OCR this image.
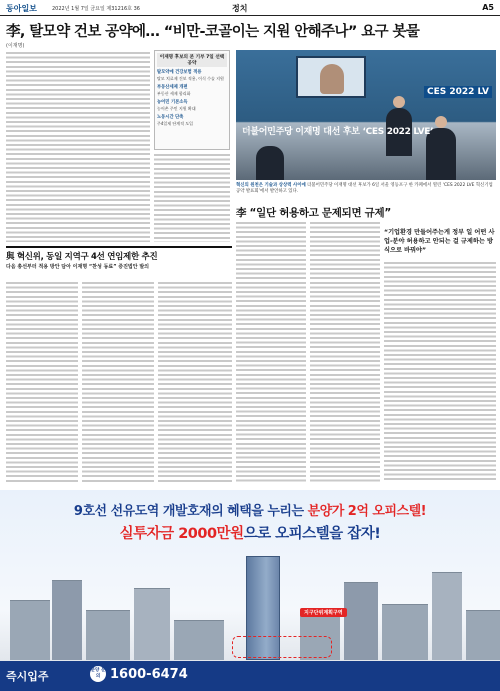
동아일보	2022년 1월 7일 금요일 제31216호 36	정치	A5
李, 탈모약 건보 공약에… “비만-코골이는 지원 안해주나” 요구 봇물
(이재명)
이재명 후보의 본 기부 7일 선택 공약
탈모약에 건강보험 적용
탈모 치료제 건보 적용, 이식 수술 지원
부동산세제 개편
부동산 세제 합리화
농어민 기본소득
농어촌 주민 지원 확대
노동시간 단축
주4일제 단계적 도입
더불어민주당 이재명 대선 후보 ‘CES 2022 LVE’
CES 2022 LV
혁신의 원천은 기술과 상상력 사이에 더불어민주당 이재명 대선 후보가 6일 서울 영등포구 한 카페에서 열린 ‘CES 2022 LVE 혁신기업 공약 발표회’에서 발언하고 있다.
李 “일단 허용하고 문제되면 규제”
“기업환경 만들어주는게 정부 일 어떤 사업-분야 허용하고 안되는 걸 규제하는 방식으로 바꿔야”
與 혁신위, 동일 지역구 4선 연임제한 추진
다음 총선부터 적용 방안 담아 이재명 “찬성 동료” 증진법안 발의
9호선 선유도역 개발호재의 혜택을 누리는 분양가 2억 오피스텔!
실투자금 2000만원으로 오피스텔을 잡자!
지구단위계획구역
즉시입주	분양 문의 1600-6474
